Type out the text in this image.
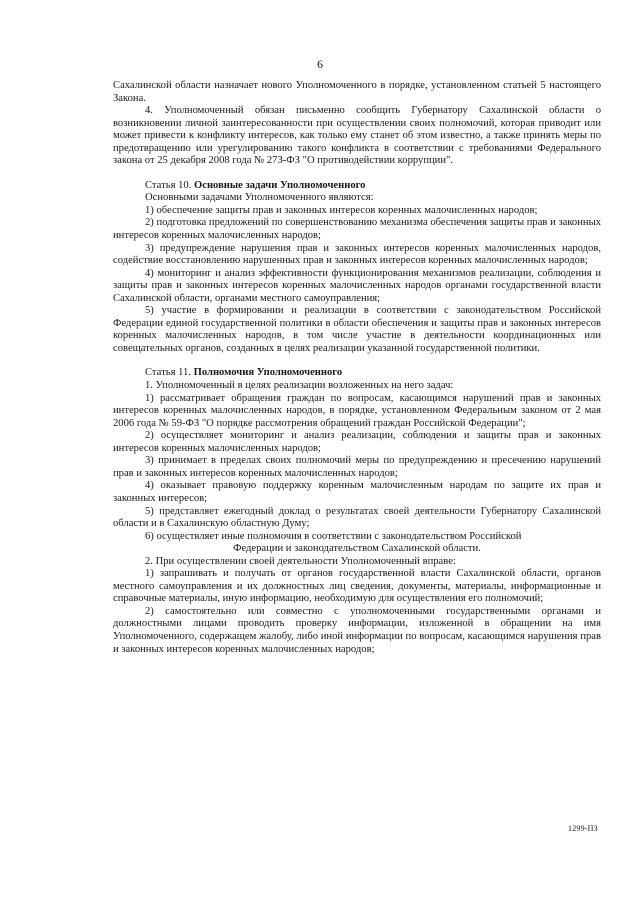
6

Сахалинской области назначает нового Уполномоченного в порядке, установленном статьей 5 настоящего Закона.

4. Уполномоченный обязан письменно сообщить Губернатору Сахалинской области о возникновении личной заинтересованности при осуществлении своих полномочий, которая приводит или может привести к конфликту интересов, как только ему станет об этом известно, а также принять меры по предотвращению или урегулированию такого конфликта в соответствии с требованиями Федерального закона от 25 декабря 2008 года № 273-ФЗ "О противодействии коррупции".

Статья 10. Основные задачи Уполномоченного

Основными задачами Уполномоченного являются:

1) обеспечение защиты прав и законных интересов коренных малочисленных народов;

2) подготовка предложений по совершенствованию механизма обеспечения защиты прав и законных интересов коренных малочисленных народов;

3) предупреждение нарушения прав и законных интересов коренных малочисленных народов, содействие восстановлению нарушенных прав и законных интересов коренных малочисленных народов;

4) мониторинг и анализ эффективности функционирования механизмов реализации, соблюдения и защиты прав и законных интересов коренных малочисленных народов органами государственной власти Сахалинской области, органами местного самоуправления;

5) участие в формировании и реализации в соответствии с законодательством Российской Федерации единой государственной политики в области обеспечения и защиты прав и законных интересов коренных малочисленных народов, в том числе участие в деятельности координационных или совещательных органов, созданных в целях реализации указанной государственной политики.

Статья 11. Полномочия Уполномоченного

1. Уполномоченный в целях реализации возложенных на него задач:

1) рассматривает обращения граждан по вопросам, касающимся нарушений прав и законных интересов коренных малочисленных народов, в порядке, установленном Федеральным законом от 2 мая 2006 года № 59-ФЗ "О порядке рассмотрения обращений граждан Российской Федерации";

2) осуществляет мониторинг и анализ реализации, соблюдения и защиты прав и законных интересов коренных малочисленных народов;

3) принимает в пределах своих полномочий меры по предупреждению и пресечению нарушений прав и законных интересов коренных малочисленных народов;

4) оказывает правовую поддержку коренным малочисленным народам по защите их прав и законных интересов;

5) представляет ежегодный доклад о результатах своей деятельности Губернатору Сахалинской области и в Сахалинскую областную Думу;

6) осуществляет иные полномочия в соответствии с законодательством Российской

Федерации и законодательством Сахалинской области.

2. При осуществлении своей деятельности Уполномоченный вправе:

1) запрашивать и получать от органов государственной власти Сахалинской области, органов местного самоуправления и их должностных лиц сведения, документы, материалы, информационные и справочные материалы, иную информацию, необходимую для осуществления его полномочий;

2) самостоятельно или совместно с уполномоченными государственными органами и должностными лицами проводить проверку информации, изложенной в обращении на имя Уполномоченного, содержащем жалобу, либо иной информации по вопросам, касающимся нарушения прав и законных интересов коренных малочисленных народов;

1299-П3
